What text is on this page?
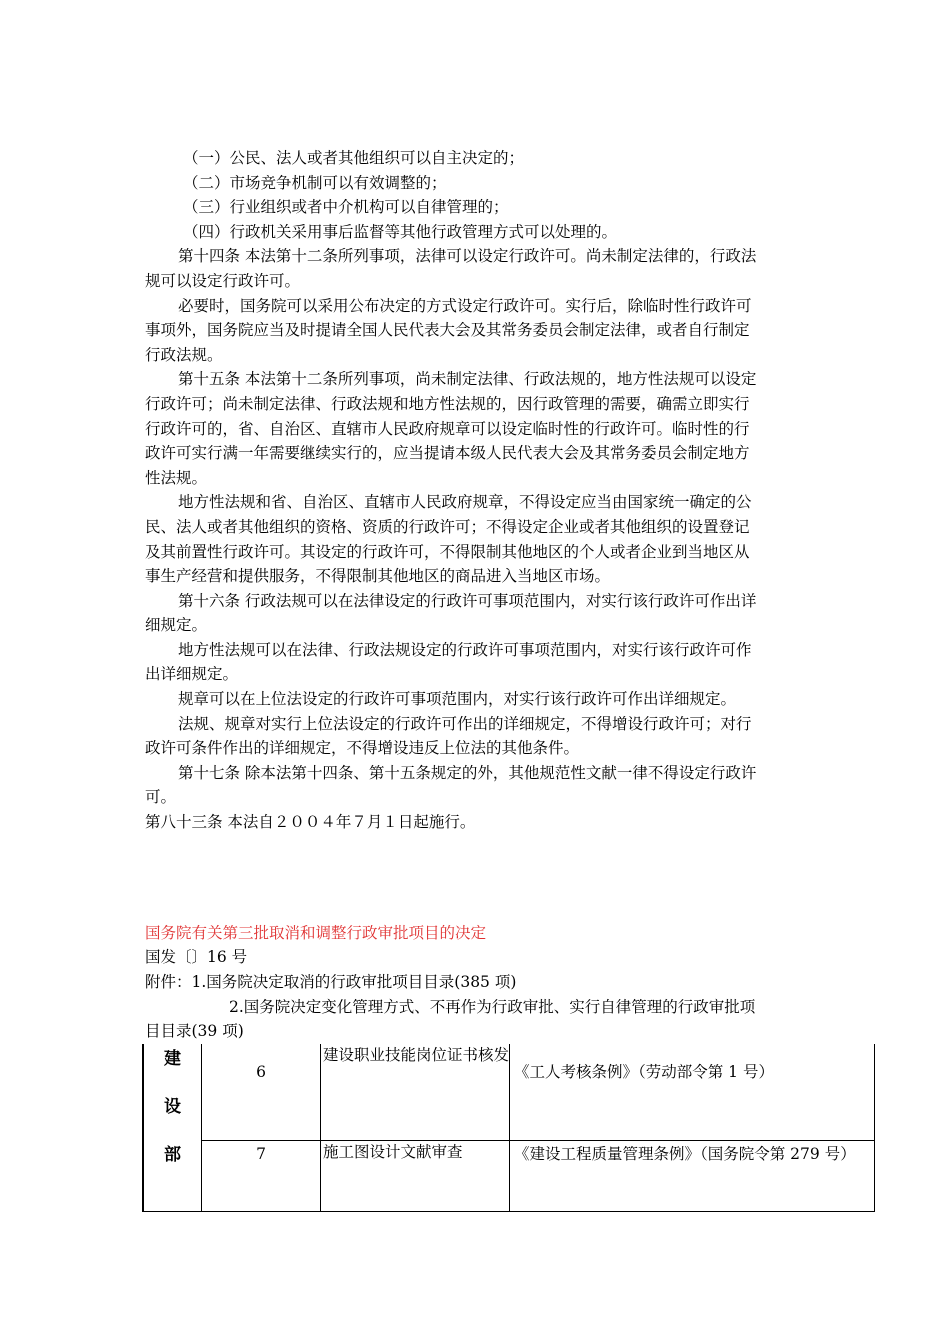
（一）公民、法人或者其他组织可以自主决定的；
（二）市场竞争机制可以有效调整的；
（三）行业组织或者中介机构可以自律管理的；
（四）行政机关采用事后监督等其他行政管理方式可以处理的。
第十四条 本法第十二条所列事项，法律可以设定行政许可。尚未制定法律的，行政法
规可以设定行政许可。
必要时，国务院可以采用公布决定的方式设定行政许可。实行后，除临时性行政许可
事项外，国务院应当及时提请全国人民代表大会及其常务委员会制定法律，或者自行制定
行政法规。
第十五条 本法第十二条所列事项，尚未制定法律、行政法规的，地方性法规可以设定
行政许可；尚未制定法律、行政法规和地方性法规的，因行政管理的需要，确需立即实行
行政许可的，省、自治区、直辖市人民政府规章可以设定临时性的行政许可。临时性的行
政许可实行满一年需要继续实行的，应当提请本级人民代表大会及其常务委员会制定地方
性法规。
地方性法规和省、自治区、直辖市人民政府规章，不得设定应当由国家统一确定的公
民、法人或者其他组织的资格、资质的行政许可；不得设定企业或者其他组织的设置登记
及其前置性行政许可。其设定的行政许可，不得限制其他地区的个人或者企业到当地区从
事生产经营和提供服务，不得限制其他地区的商品进入当地区市场。
第十六条 行政法规可以在法律设定的行政许可事项范围内，对实行该行政许可作出详
细规定。
地方性法规可以在法律、行政法规设定的行政许可事项范围内，对实行该行政许可作
出详细规定。
规章可以在上位法设定的行政许可事项范围内，对实行该行政许可作出详细规定。
法规、规章对实行上位法设定的行政许可作出的详细规定，不得增设行政许可；对行
政许可条件作出的详细规定，不得增设违反上位法的其他条件。
第十七条 除本法第十四条、第十五条规定的外，其他规范性文献一律不得设定行政许
可。
第八十三条 本法自２００４年７月１日起施行。
国务院有关第三批取消和调整行政审批项目的决定
国发〔〕16 号
附件：1.国务院决定取消的行政审批项目目录(385 项)
2.国务院决定变化管理方式、不再作为行政审批、实行自律管理的行政审批项
目目录(39 项)
建
设
部	6	建设职业技能岗位证书核发	《工人考核条例》（劳动部令第 1 号）

	7	施工图设计文献审查	《建设工程质量管理条例》（国务院令第 279 号）
